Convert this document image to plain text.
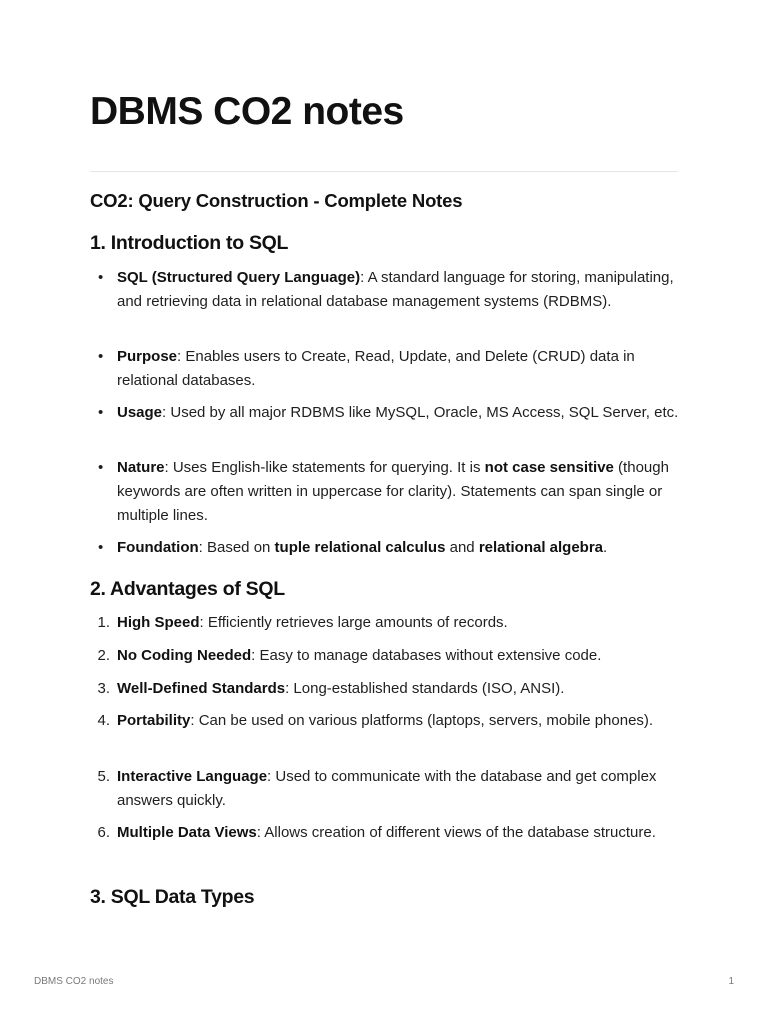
DBMS CO2 notes
CO2: Query Construction - Complete Notes
1. Introduction to SQL
• SQL (Structured Query Language): A standard language for storing, manipulating, and retrieving data in relational database management systems (RDBMS).
• Purpose: Enables users to Create, Read, Update, and Delete (CRUD) data in relational databases.
• Usage: Used by all major RDBMS like MySQL, Oracle, MS Access, SQL Server, etc.
• Nature: Uses English-like statements for querying. It is not case sensitive (though keywords are often written in uppercase for clarity). Statements can span single or multiple lines.
• Foundation: Based on tuple relational calculus and relational algebra.
2. Advantages of SQL
1. High Speed: Efficiently retrieves large amounts of records.
2. No Coding Needed: Easy to manage databases without extensive code.
3. Well-Defined Standards: Long-established standards (ISO, ANSI).
4. Portability: Can be used on various platforms (laptops, servers, mobile phones).
5. Interactive Language: Used to communicate with the database and get complex answers quickly.
6. Multiple Data Views: Allows creation of different views of the database structure.
3. SQL Data Types
DBMS CO2 notes	1
